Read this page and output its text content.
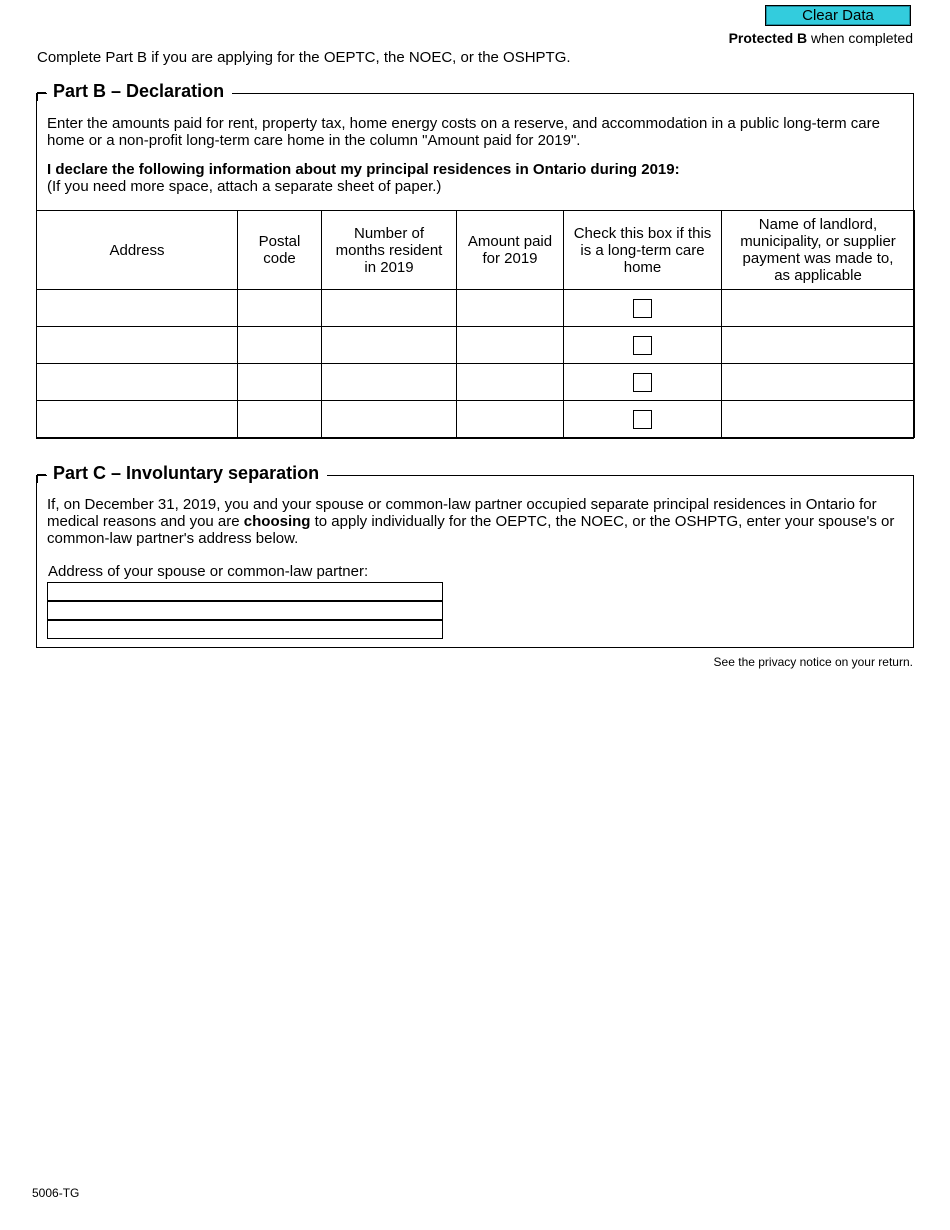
Clear Data
Protected B when completed
Complete Part B if you are applying for the OEPTC, the NOEC, or the OSHPTG.
Part B – Declaration
Enter the amounts paid for rent, property tax, home energy costs on a reserve, and accommodation in a public long-term care home or a non-profit long-term care home in the column "Amount paid for 2019".
I declare the following information about my principal residences in Ontario during 2019:
(If you need more space, attach a separate sheet of paper.)
Address	Postal code	Number of months resident in 2019	Amount paid for 2019	Check this box if this is a long-term care home	Name of landlord, municipality, or supplier payment was made to, as applicable

Part C – Involuntary separation
If, on December 31, 2019, you and your spouse or common-law partner occupied separate principal residences in Ontario for medical reasons and you are choosing to apply individually for the OEPTC, the NOEC, or the OSHPTG, enter your spouse's or common-law partner's address below.
Address of your spouse or common-law partner:
See the privacy notice on your return.
5006-TG
